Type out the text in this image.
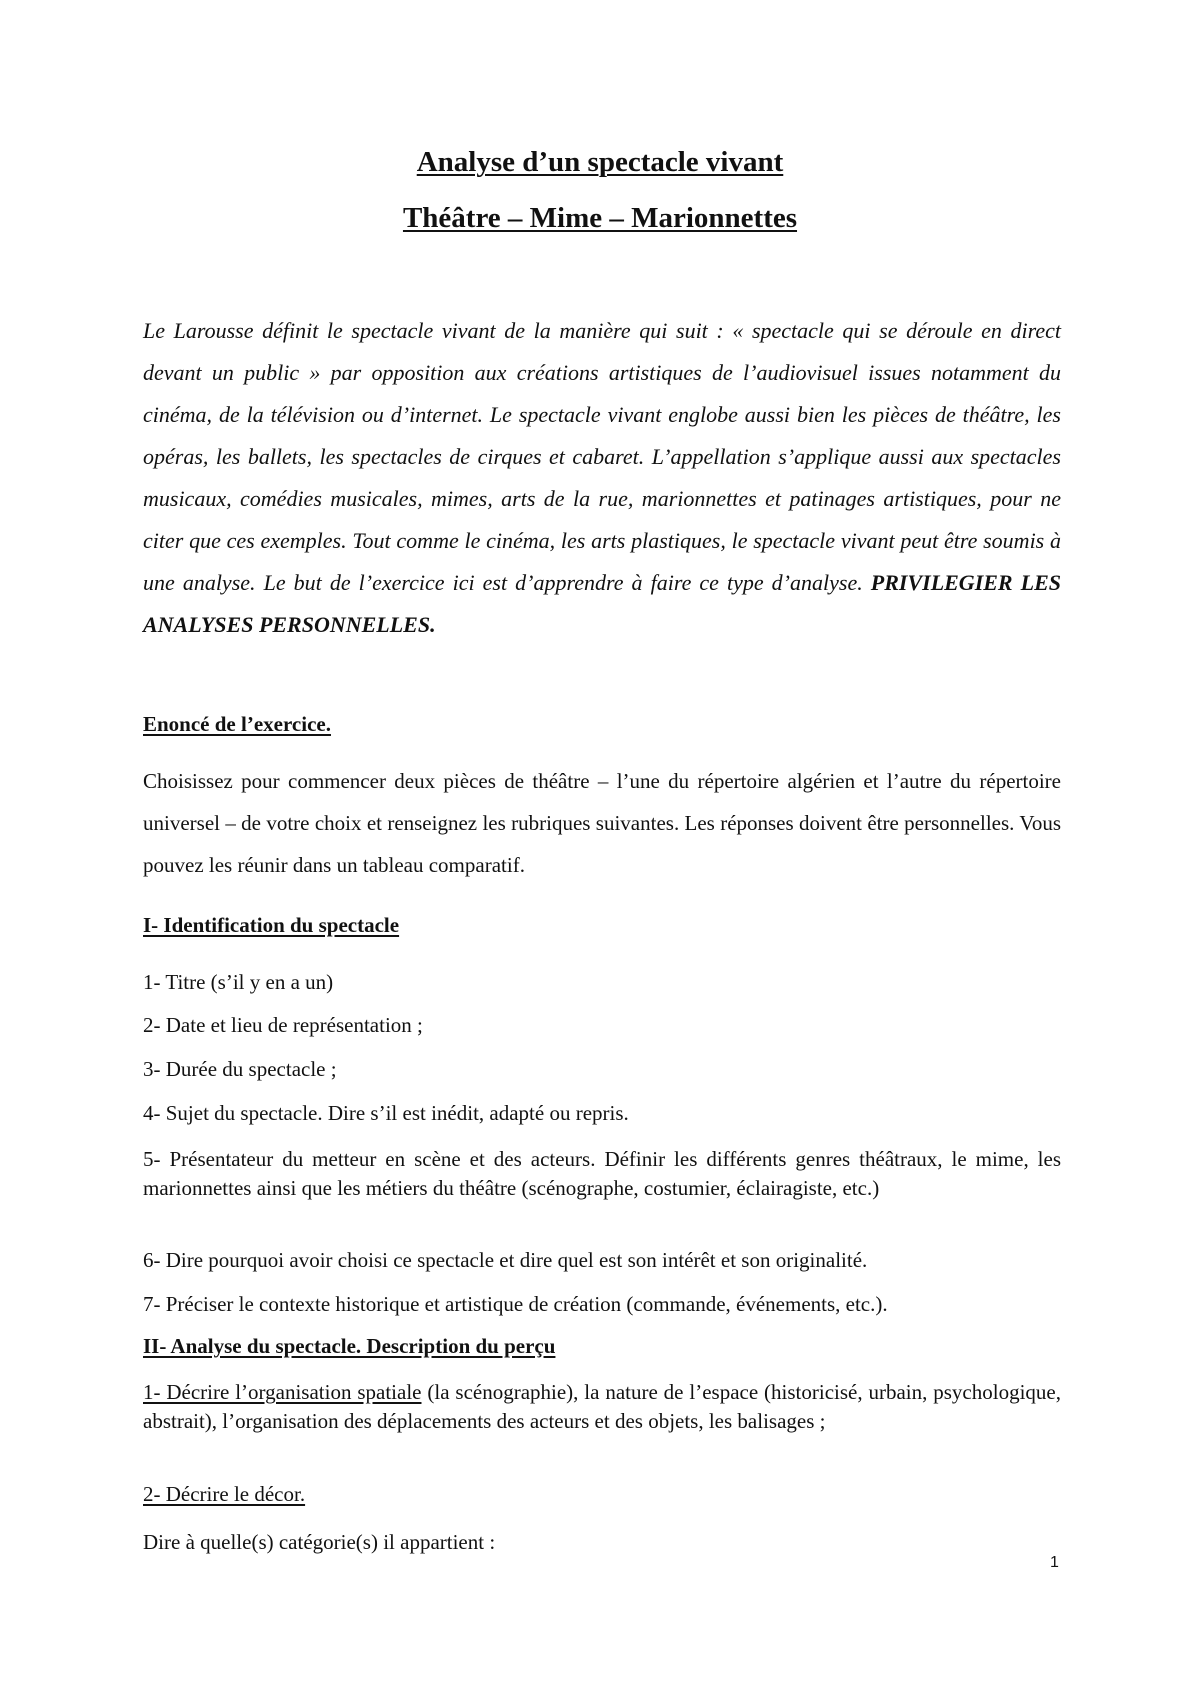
Analyse d’un spectacle vivant
Théâtre – Mime – Marionnettes

Le Larousse définit le spectacle vivant de la manière qui suit : « spectacle qui se déroule en direct devant un public » par opposition aux créations artistiques de l’audiovisuel issues notamment du cinéma, de la télévision ou d’internet. Le spectacle vivant englobe aussi bien les pièces de théâtre, les opéras, les ballets, les spectacles de cirques et cabaret. L’appellation s’applique aussi aux spectacles musicaux, comédies musicales, mimes, arts de la rue, marionnettes et patinages artistiques, pour ne citer que ces exemples. Tout comme le cinéma, les arts plastiques, le spectacle vivant peut être soumis à une analyse. Le but de l’exercice ici est d’apprendre à faire ce type d’analyse. PRIVILEGIER LES ANALYSES PERSONNELLES.

Enoncé de l’exercice.

Choisissez pour commencer deux pièces de théâtre – l’une du répertoire algérien et l’autre du répertoire universel – de votre choix et renseignez les rubriques suivantes. Les réponses doivent être personnelles. Vous pouvez les réunir dans un tableau comparatif.

I- Identification du spectacle
1- Titre (s’il y en a un)
2- Date et lieu de représentation ;
3- Durée du spectacle ;
4- Sujet du spectacle. Dire s’il est inédit, adapté ou repris.
5- Présentateur du metteur en scène et des acteurs. Définir les différents genres théâtraux, le mime, les marionnettes ainsi que les métiers du théâtre (scénographe, costumier, éclairagiste, etc.)
6- Dire pourquoi avoir choisi ce spectacle et dire quel est son intérêt et son originalité.
7- Préciser le contexte historique et artistique de création (commande, événements, etc.).
II- Analyse du spectacle. Description du perçu

1- Décrire l’organisation spatiale (la scénographie), la nature de l’espace (historicisé, urbain, psychologique, abstrait), l’organisation des déplacements des acteurs et des objets, les balisages ;

2- Décrire le décor.
Dire à quelle(s) catégorie(s) il appartient :
1
